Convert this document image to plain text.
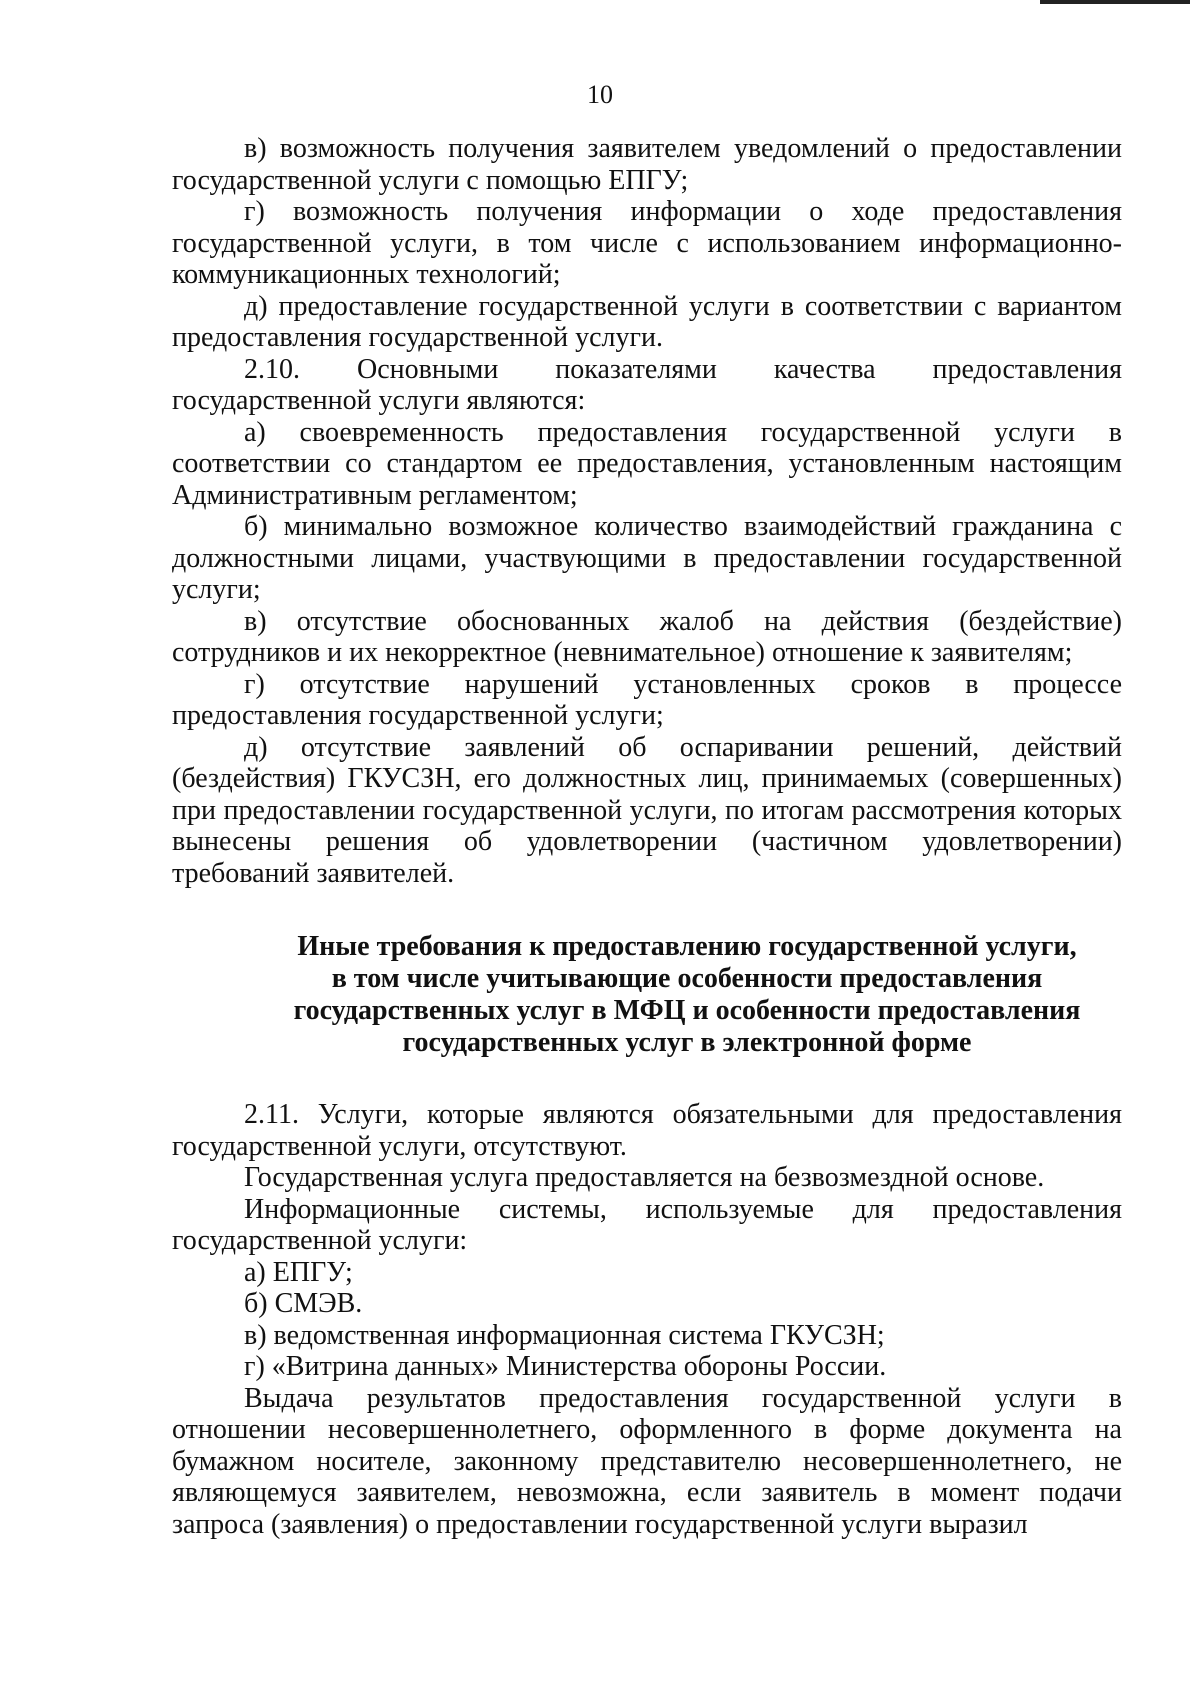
10

в) возможность получения заявителем уведомлений о предоставлении государственной услуги с помощью ЕПГУ;

г) возможность получения информации о ходе предоставления государственной услуги, в том числе с использованием информационно-коммуникационных технологий;

д) предоставление государственной услуги в соответствии с вариантом предоставления государственной услуги.

2.10. Основными показателями качества предоставления государственной услуги являются:

а) своевременность предоставления государственной услуги в соответствии со стандартом ее предоставления, установленным настоящим Административным регламентом;

б) минимально возможное количество взаимодействий гражданина с должностными лицами, участвующими в предоставлении государственной услуги;

в) отсутствие обоснованных жалоб на действия (бездействие) сотрудников и их некорректное (невнимательное) отношение к заявителям;

г) отсутствие нарушений установленных сроков в процессе предоставления государственной услуги;

д) отсутствие заявлений об оспаривании решений, действий (бездействия) ГКУСЗН, его должностных лиц, принимаемых (совершенных) при предоставлении государственной услуги, по итогам рассмотрения которых вынесены решения об удовлетворении (частичном удовлетворении) требований заявителей.

Иные требования к предоставлению государственной услуги,
в том числе учитывающие особенности предоставления
государственных услуг в МФЦ и особенности предоставления
государственных услуг в электронной форме

2.11. Услуги, которые являются обязательными для предоставления государственной услуги, отсутствуют.

Государственная услуга предоставляется на безвозмездной основе.

Информационные системы, используемые для предоставления государственной услуги:

а) ЕПГУ;

б) СМЭВ.

в) ведомственная информационная система ГКУСЗН;

г) «Витрина данных» Министерства обороны России.

Выдача результатов предоставления государственной услуги в отношении несовершеннолетнего, оформленного в форме документа на бумажном носителе, законному представителю несовершеннолетнего, не являющемуся заявителем, невозможна, если заявитель в момент подачи запроса (заявления) о предоставлении государственной услуги выразил
